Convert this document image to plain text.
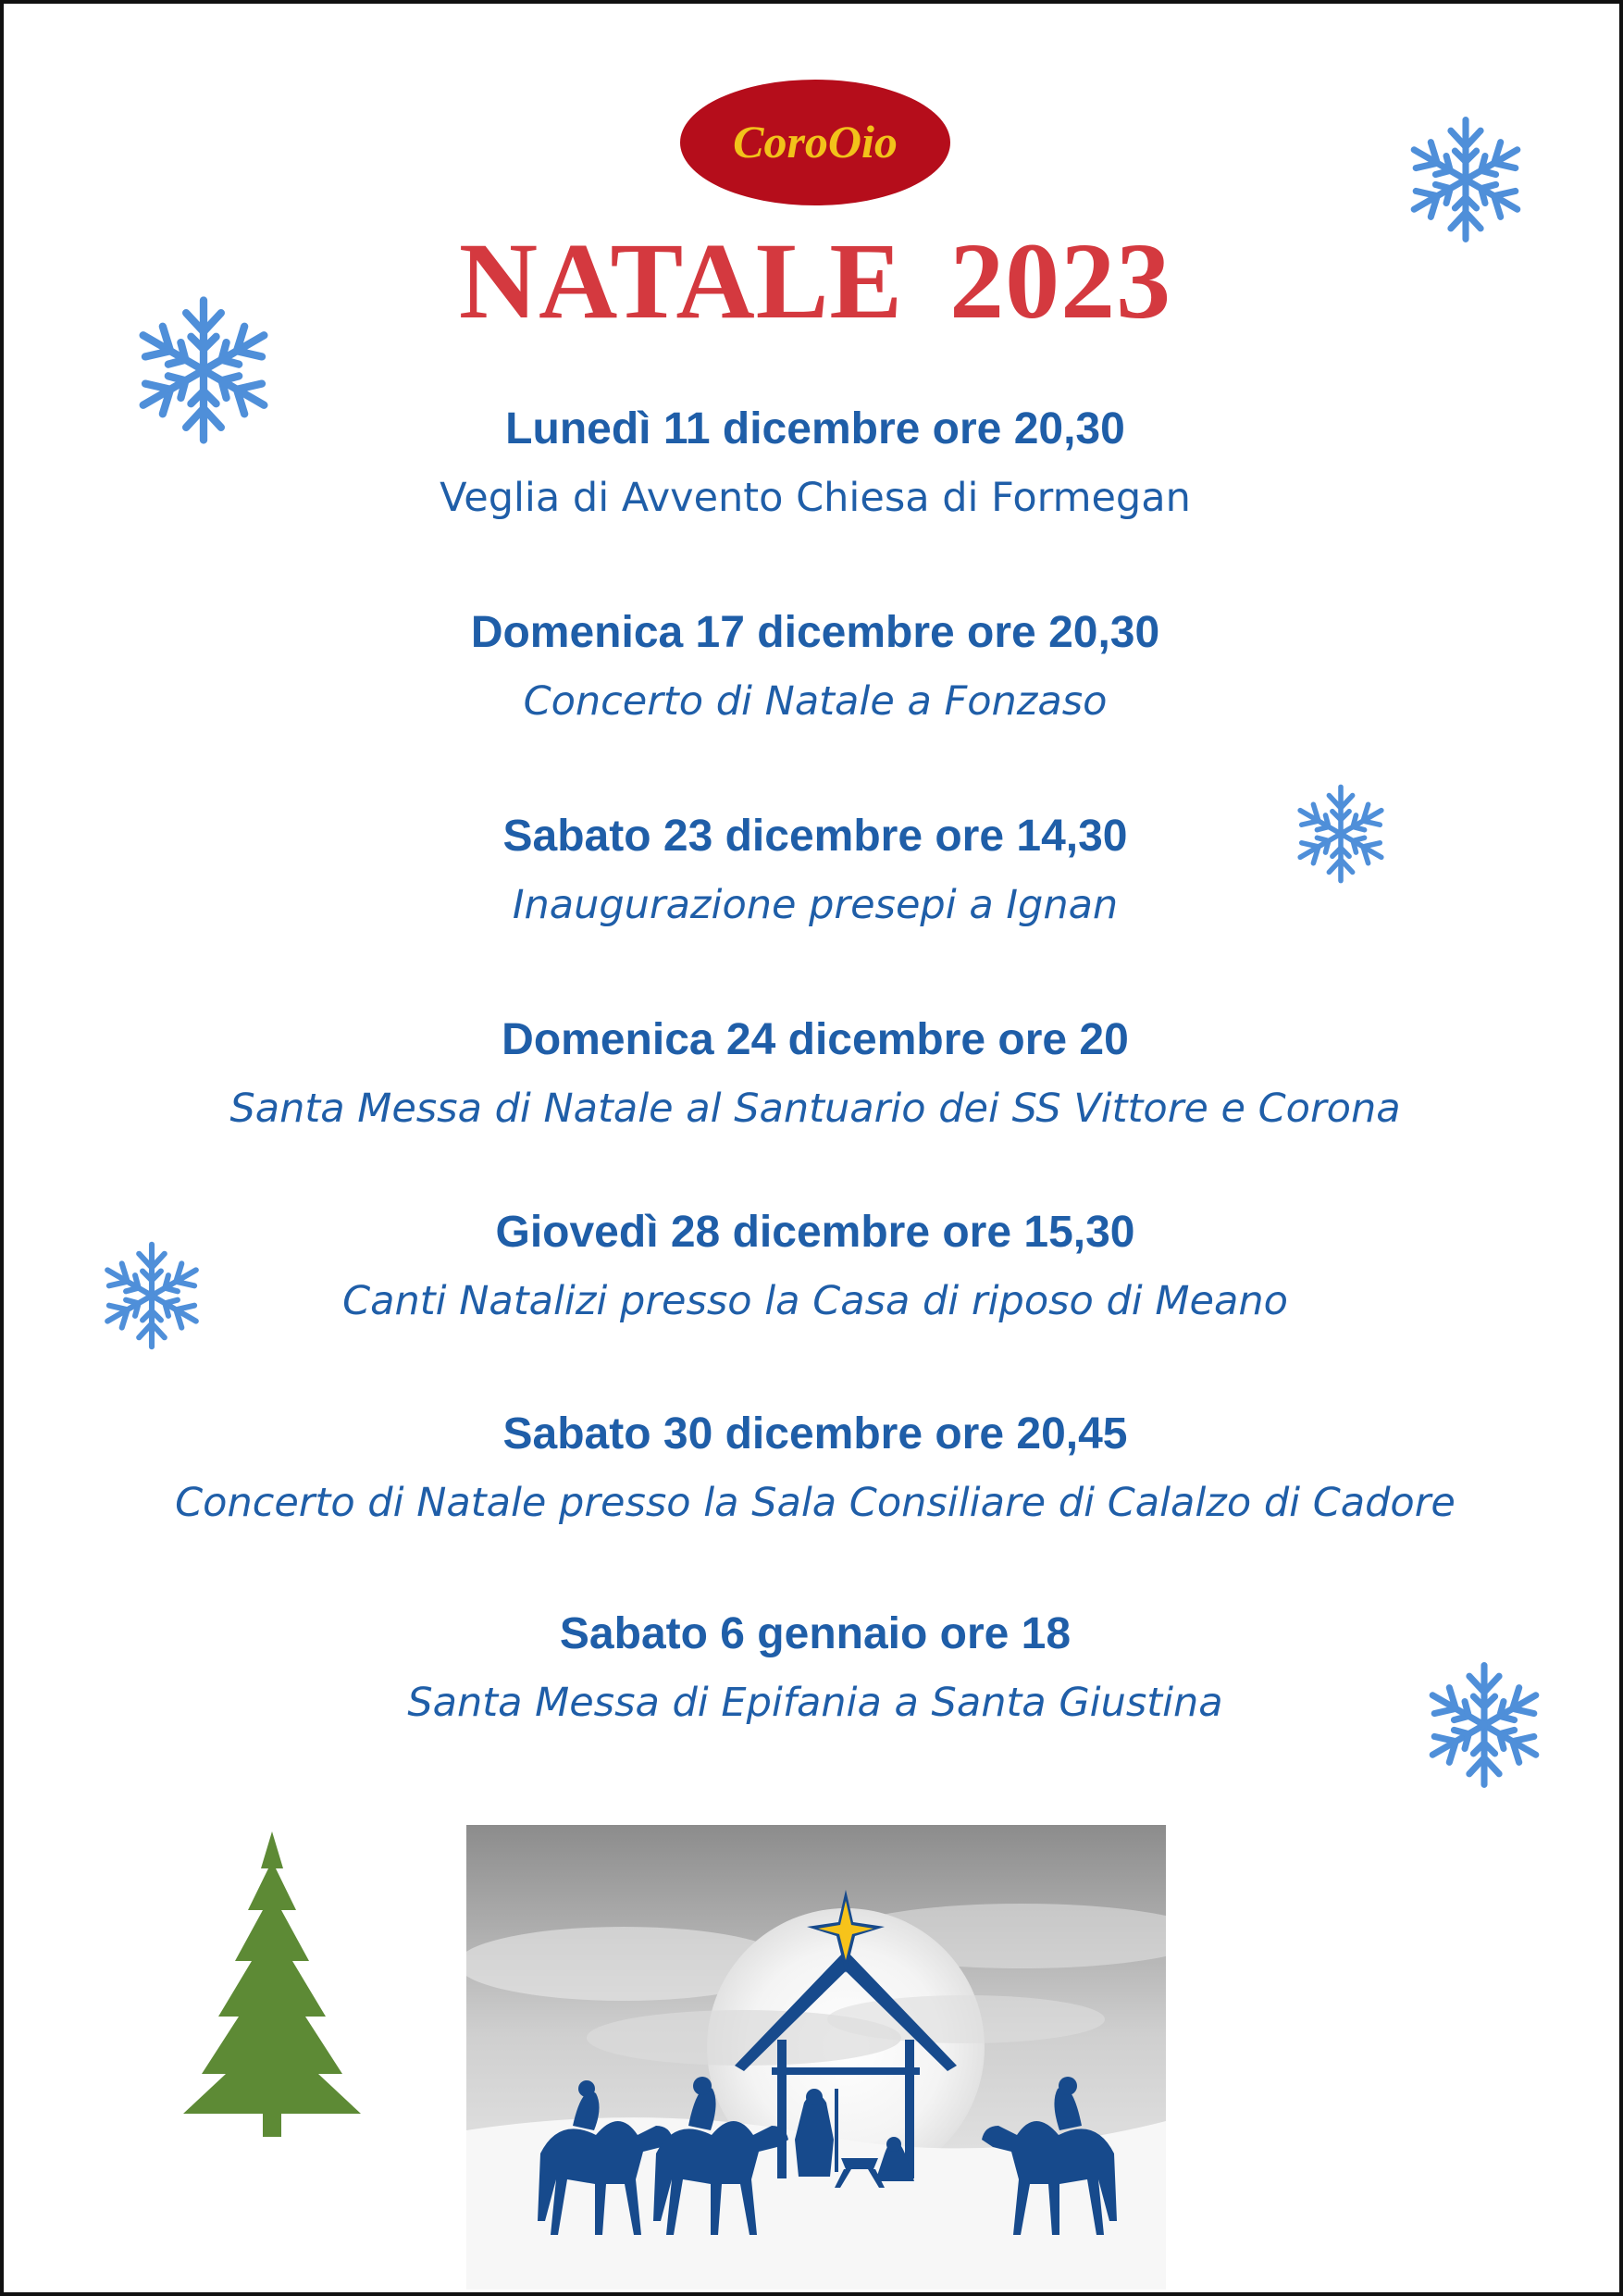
CoroOio
NATALE 2023
Lunedì 11 dicembre ore 20,30
Veglia di Avvento Chiesa di Formegan
Domenica 17 dicembre ore 20,30
Concerto di Natale a Fonzaso
Sabato 23 dicembre ore 14,30
Inaugurazione presepi a Ignan
Domenica 24 dicembre ore 20
Santa Messa di Natale al Santuario dei SS Vittore e Corona
Giovedì 28 dicembre ore 15,30
Canti Natalizi presso la Casa di riposo di Meano
Sabato 30 dicembre ore 20,45
Concerto di Natale presso la Sala Consiliare di Calalzo di Cadore
Sabato 6 gennaio ore 18
Santa Messa di Epifania a Santa Giustina
